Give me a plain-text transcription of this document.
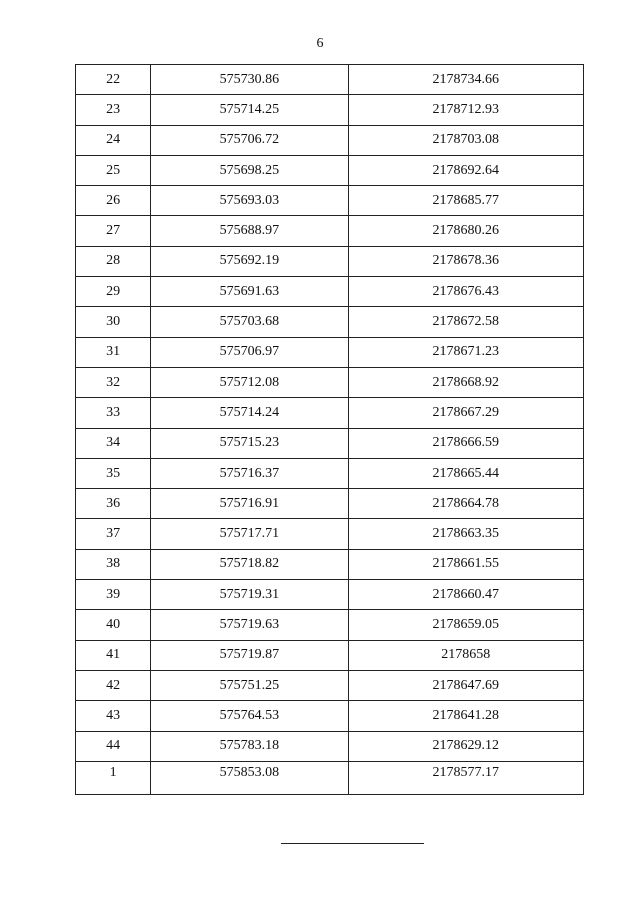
6
22	575730.86	2178734.66
23	575714.25	2178712.93
24	575706.72	2178703.08
25	575698.25	2178692.64
26	575693.03	2178685.77
27	575688.97	2178680.26
28	575692.19	2178678.36
29	575691.63	2178676.43
30	575703.68	2178672.58
31	575706.97	2178671.23
32	575712.08	2178668.92
33	575714.24	2178667.29
34	575715.23	2178666.59
35	575716.37	2178665.44
36	575716.91	2178664.78
37	575717.71	2178663.35
38	575718.82	2178661.55
39	575719.31	2178660.47
40	575719.63	2178659.05
41	575719.87	2178658
42	575751.25	2178647.69
43	575764.53	2178641.28
44	575783.18	2178629.12
1	575853.08	2178577.17
